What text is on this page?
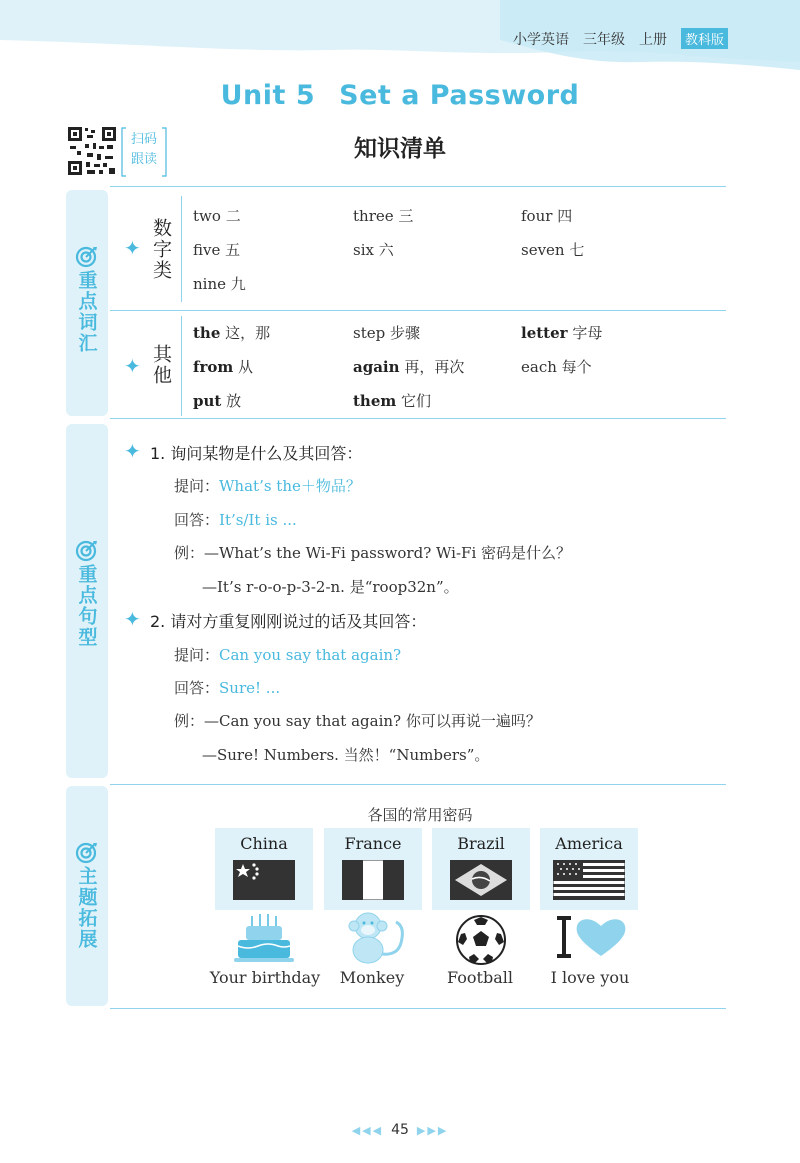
小学英语 三年级 上册	教科版
Unit 5 Set a Password
扫码
跟读	知识清单
重点词汇
重点句型
主题拓展
✦ 数字类
two 二	three 三	four 四
five 五	six 六	seven 七
nine 九
✦ 其他
the 这，那	step 步骤	letter 字母
from 从	again 再，再次	each 每个
put 放	them 它们
✦ 1. 询问某物是什么及其回答：
提问：What’s the＋物品？
回答：It’s/It is ...
例：—What’s the Wi-Fi password? Wi-Fi 密码是什么？
—It’s r-o-o-p-3-2-n. 是“roop32n”。
✦ 2. 请对方重复刚刚说过的话及其回答：
提问：Can you say that again?
回答：Sure! ...
例：—Can you say that again? 你可以再说一遍吗？
—Sure! Numbers. 当然！“Numbers”。
各国的常用密码
China	France	Brazil	America
Your birthday	Monkey	Football	I love you
◀◀◀ 45 ▶▶▶
